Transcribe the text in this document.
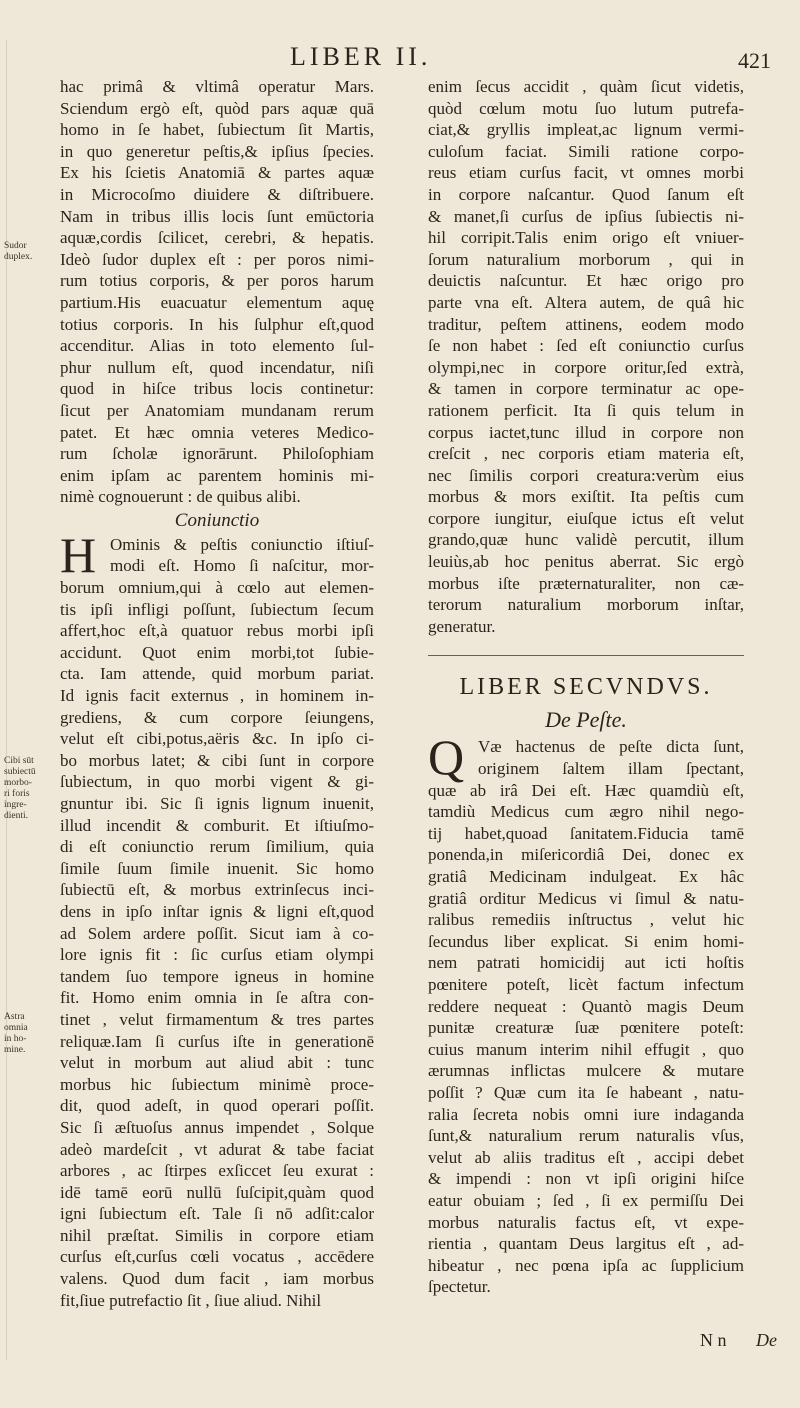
LIBER II.	421
Sudor
duplex.
Cibi sūt
subiectū
morbo-
ri foris
ingre-
dienti.
Astra
omnia
in ho-
mine.
hac primâ & vltimâ operatur Mars.
Sciendum ergò eſt, quòd pars aquæ quā
homo in ſe habet, ſubiectum ſit Martis,
in quo generetur peſtis,& ipſius ſpecies.
Ex his ſcietis Anatomiā & partes aquæ
in Microcoſmo diuidere & diſtribuere.
Nam in tribus illis locis ſunt emūctoria
aquæ,cordis ſcilicet, cerebri, & hepatis.
Ideò ſudor duplex eſt : per poros nimi-
rum totius corporis, & per poros harum
partium.His euacuatur elementum aquę
totius corporis. In his ſulphur eſt,quod
accenditur. Alias in toto elemento ſul-
phur nullum eſt, quod incendatur, niſi
quod in hiſce tribus locis continetur:
ſicut per Anatomiam mundanam rerum
patet. Et hæc omnia veteres Medico-
rum ſcholæ ignorārunt. Philoſophiam
enim ipſam ac parentem hominis mi-
nimè cognouerunt : de quibus alibi.
Coniunctio
H Ominis & peſtis coniunctio iſtiuſ-
modi eſt. Homo ſi naſcitur, mor-
borum omnium,qui à cœlo aut elemen-
tis ipſi infligi poſſunt, ſubiectum ſecum
affert,hoc eſt,à quatuor rebus morbi ipſi
accidunt. Quot enim morbi,tot ſubie-
cta. Iam attende, quid morbum pariat.
Id ignis facit externus , in hominem in-
grediens, & cum corpore ſeiungens,
velut eſt cibi,potus,aëris &c. In ipſo ci-
bo morbus latet; & cibi ſunt in corpore
ſubiectum, in quo morbi vigent & gi-
gnuntur ibi. Sic ſi ignis lignum inuenit,
illud incendit & comburit. Et iſtiuſmo-
di eſt coniunctio rerum ſimilium, quia
ſimile ſuum ſimile inuenit. Sic homo
ſubiectū eſt, & morbus extrinſecus inci-
dens in ipſo inſtar ignis & ligni eſt,quod
ad Solem ardere poſſit. Sicut iam à co-
lore ignis fit : ſic curſus etiam olympi
tandem ſuo tempore igneus in homine
fit. Homo enim omnia in ſe aſtra con-
tinet , velut firmamentum & tres partes
reliquæ.Iam ſi curſus iſte in generationē
velut in morbum aut aliud abit : tunc
morbus hic ſubiectum minimè proce-
dit, quod adeſt, in quod operari poſſit.
Sic ſi æſtuoſus annus impendet , Solque
adeò mardeſcit , vt adurat & tabe faciat
arbores , ac ſtirpes exſiccet ſeu exurat :
idē tamē eorū nullū ſuſcipit,quàm quod
igni ſubiectum eſt. Tale ſi nō adſit:calor
nihil præſtat. Similis in corpore etiam
curſus eſt,curſus cœli vocatus , accēdere
valens. Quod dum facit , iam morbus
fit,ſiue putrefactio ſit , ſiue aliud. Nihil
enim ſecus accidit , quàm ſicut videtis,
quòd cœlum motu ſuo lutum putrefa-
ciat,& gryllis impleat,ac lignum vermi-
culoſum faciat. Simili ratione corpo-
reus etiam curſus facit, vt omnes morbi
in corpore naſcantur. Quod ſanum eſt
& manet,ſi curſus de ipſius ſubiectis ni-
hil corripit.Talis enim origo eſt vniuer-
ſorum naturalium morborum , qui in
deuictis naſcuntur. Et hæc origo pro
parte vna eſt. Altera autem, de quâ hic
traditur, peſtem attinens, eodem modo
ſe non habet : ſed eſt coniunctio curſus
olympi,nec in corpore oritur,ſed extrà,
& tamen in corpore terminatur ac ope-
rationem perficit. Ita ſi quis telum in
corpus iactet,tunc illud in corpore non
creſcit , nec corporis etiam materia eſt,
nec ſimilis corpori creatura:verùm eius
morbus & mors exiſtit. Ita peſtis cum
corpore iungitur, eiuſque ictus eſt velut
grando,quæ hunc validè percutit, illum
leuiùs,ab hoc penitus aberrat. Sic ergò
morbus iſte præternaturaliter, non cæ-
terorum naturalium morborum inſtar,
generatur.
LIBER SECVNDVS.
De Peſte.
Q Væ hactenus de peſte dicta ſunt,
originem ſaltem illam ſpectant,
quæ ab irâ Dei eſt. Hæc quamdiù eſt,
tamdiù Medicus cum ægro nihil nego-
tij habet,quoad ſanitatem.Fiducia tamē
ponenda,in miſericordiâ Dei, donec ex
gratiâ Medicinam indulgeat. Ex hâc
gratiâ orditur Medicus vi ſimul & natu-
ralibus remediis inſtructus , velut hic
ſecundus liber explicat. Si enim homi-
nem patrati homicidij aut icti hoſtis
pœnitere poteſt, licèt factum infectum
reddere nequeat : Quantò magis Deum
punitæ creaturæ ſuæ pœnitere poteſt:
cuius manum interim nihil effugit , quo
ærumnas inflictas mulcere & mutare
poſſit ? Quæ cum ita ſe habeant , natu-
ralia ſecreta nobis omni iure indaganda
ſunt,& naturalium rerum naturalis vſus,
velut ab aliis traditus eſt , accipi debet
& impendi : non vt ipſi origini hiſce
eatur obuiam ; ſed , ſi ex permiſſu Dei
morbus naturalis factus eſt, vt expe-
rientia , quantam Deus largitus eſt , ad-
hibeatur , nec pœna ipſa ac ſupplicium
ſpectetur.
N n De
